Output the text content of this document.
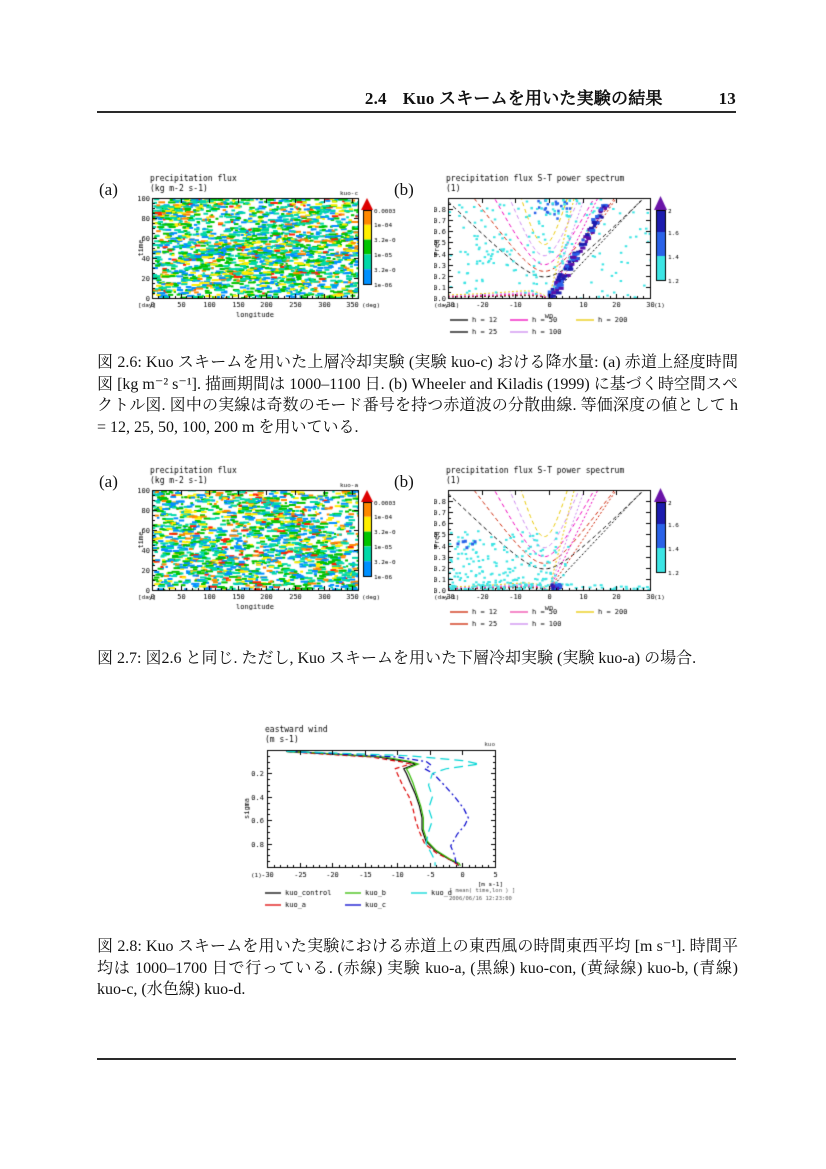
2.4 Kuo スキームを用いた実験の結果	13
(a)	(b)

図 2.6: Kuo スキームを用いた上層冷却実験 (実験 kuo-c) おける降水量: (a) 赤道上経度時間図 [kg m⁻² s⁻¹]. 描画期間は 1000–1100 日. (b) Wheeler and Kiladis (1999) に基づく時空間スペクトル図. 図中の実線は奇数のモード番号を持つ赤道波の分散曲線. 等価深度の値として h = 12, 25, 50, 100, 200 m を用いている.

(a)	(b)

図 2.7: 図2.6 と同じ. ただし, Kuo スキームを用いた下層冷却実験 (実験 kuo-a) の場合.

図 2.8: Kuo スキームを用いた実験における赤道上の東西風の時間東西平均 [m s⁻¹]. 時間平均は 1000–1700 日で行っている. (赤線) 実験 kuo-a, (黒線) kuo-con, (黄緑線) kuo-b, (青線) kuo-c, (水色線) kuo-d.
